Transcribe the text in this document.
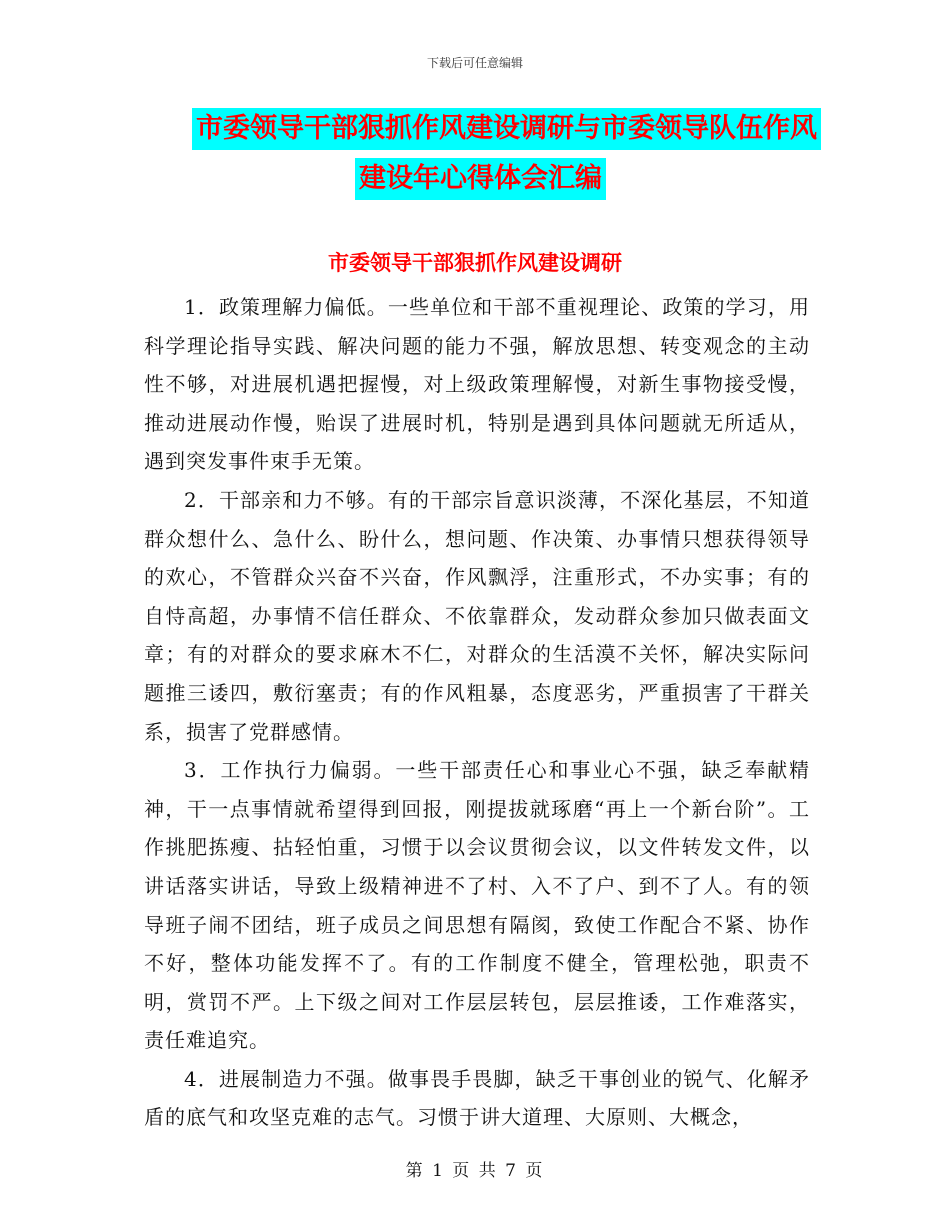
下载后可任意编辑
市委领导干部狠抓作风建设调研与市委领导队伍作风
建设年心得体会汇编
市委领导干部狠抓作风建设调研

1．政策理解力偏低。一些单位和干部不重视理论、政策的学习，用科学理论指导实践、解决问题的能力不强，解放思想、转变观念的主动性不够，对进展机遇把握慢，对上级政策理解慢，对新生事物接受慢，推动进展动作慢，贻误了进展时机，特别是遇到具体问题就无所适从，遇到突发事件束手无策。

2．干部亲和力不够。有的干部宗旨意识淡薄，不深化基层，不知道群众想什么、急什么、盼什么，想问题、作决策、办事情只想获得领导的欢心，不管群众兴奋不兴奋，作风飘浮，注重形式，不办实事；有的自恃高超，办事情不信任群众、不依靠群众，发动群众参加只做表面文章；有的对群众的要求麻木不仁，对群众的生活漠不关怀，解决实际问题推三诿四，敷衍塞责；有的作风粗暴，态度恶劣，严重损害了干群关系，损害了党群感情。

3．工作执行力偏弱。一些干部责任心和事业心不强，缺乏奉献精神，干一点事情就希望得到回报，刚提拔就琢磨“再上一个新台阶”。工作挑肥拣瘦、拈轻怕重，习惯于以会议贯彻会议，以文件转发文件，以讲话落实讲话，导致上级精神进不了村、入不了户、到不了人。有的领导班子闹不团结，班子成员之间思想有隔阂，致使工作配合不紧、协作不好，整体功能发挥不了。有的工作制度不健全，管理松弛，职责不明，赏罚不严。上下级之间对工作层层转包，层层推诿，工作难落实，责任难追究。

4．进展制造力不强。做事畏手畏脚，缺乏干事创业的锐气、化解矛盾的底气和攻坚克难的志气。习惯于讲大道理、大原则、大概念，

第 1 页 共 7 页
